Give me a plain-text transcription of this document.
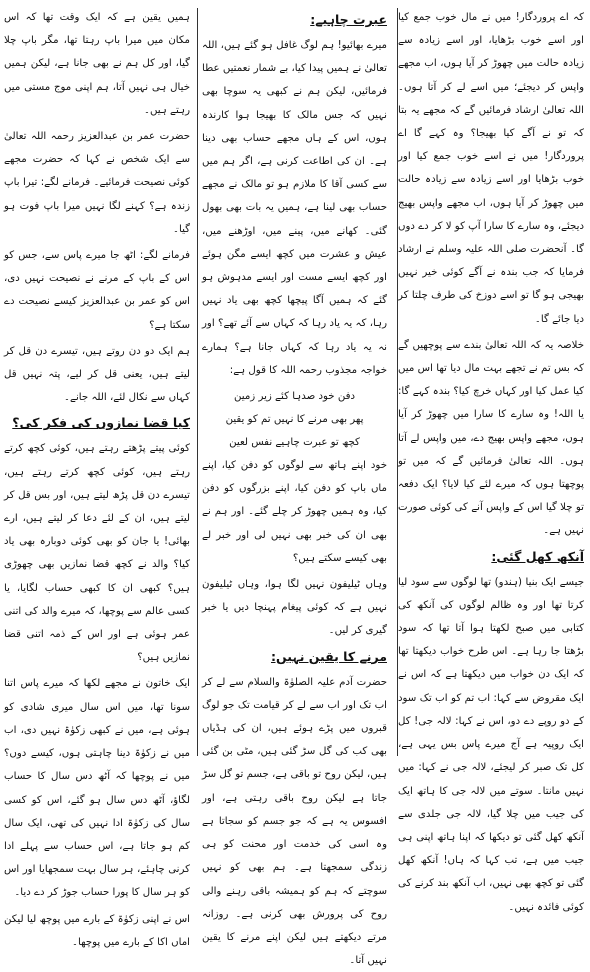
کہ اے پروردگار! میں نے مال خوب جمع کیا اور اسے خوب بڑھایا، اور اسے زیادہ سے زیادہ حالت میں چھوڑ کر آیا ہوں، اب مجھے واپس کر دیجئے؛ میں اسے لے کر آتا ہوں۔ اللہ تعالیٰ ارشاد فرمائیں گے کہ مجھے یہ بتا کہ تو نے آگے کیا بھیجا؟ وہ کہے گا اے پروردگار! میں نے اسے خوب جمع کیا اور خوب بڑھایا اور اسے زیادہ سے زیادہ حالت میں چھوڑ کر آیا ہوں، اب مجھے واپس بھیج دیجئے، وہ سارے کا سارا آپ کو لا کر دے دوں گا۔ آنحضرت صلی اللہ علیہ وسلم نے ارشاد فرمایا کہ جب بندہ نے آگے کوئی خیر نہیں بھیجی ہو گا تو اسے دوزخ کی طرف چلتا کر دیا جائے گا۔

خلاصہ یہ کہ اللہ تعالیٰ بندے سے پوچھیں گے کہ بس تم نے تجھے بہت مال دیا تھا اس میں کیا عمل کیا اور کہاں خرچ کیا؟ بندہ کہے گا: یا اللہ! وہ سارے کا سارا میں چھوڑ کر آیا ہوں، مجھے واپس بھیج دے، میں واپس لے آتا ہوں۔ اللہ تعالیٰ فرمائیں گے کہ میں تو پوچھتا ہوں کہ میرے لئے کیا لایا؟ ایک دفعہ تو چلا گیا اس کے واپس آنے کی کوئی صورت نہیں ہے۔

آنکھ کھل گئی:

جیسے ایک بنیا (ہندو) تھا لوگوں سے سود لیا کرتا تھا اور وہ ظالم لوگوں کی آنکھ کی کتابی میں صبح لکھتا ہوا آتا تھا کہ سود بڑھتا جا رہا ہے۔ اس طرح خواب دیکھتا تھا کہ ایک دن خواب میں دیکھتا ہے کہ اس نے ایک مقروض سے کہا: اب تم کو اب تک سود کے دو روپے دے دو، اس نے کہا: لالہ جی! کل ایک روپیہ ہے آج میرے پاس بس یہی ہے، کل تک صبر کر لیجئے، لالہ جی نے کہا: میں نہیں مانتا۔ سوتے میں لالہ جی کا ہاتھ ایک کی جیب میں چلا گیا، لالہ جی جلدی سے آنکھ کھل گئی تو دیکھا کہ اپنا ہاتھ اپنی ہی جیب میں ہے، تب کہا کہ ہاں! آنکھ کھل گئی تو کچھ بھی نہیں، اب آنکھ بند کرنے کی کوئی فائدہ نہیں۔

عبرت چاہیے:

میرے بھائیو! ہم لوگ غافل ہو گئے ہیں، اللہ تعالیٰ نے ہمیں پیدا کیا، بے شمار نعمتیں عطا فرمائیں، لیکن ہم نے کبھی یہ سوچا بھی نہیں کہ جس مالک کا بھیجا ہوا کارندہ ہوں، اس کے ہاں مجھے حساب بھی دینا ہے۔ ان کی اطاعت کرنی ہے، اگر ہم میں سے کسی آقا کا ملازم ہو تو مالک نے مجھے حساب بھی لینا ہے، ہمیں یہ بات بھی بھول گئی۔ کھانے میں، پینے میں، اوڑھنے میں، عیش و عشرت میں کچھ ایسے مگن ہوئے اور کچھ ایسے مست اور ایسے مدہوش ہو گئے کہ ہمیں آگا پیچھا کچھ بھی یاد نہیں رہا، کہ یہ یاد رہا کہ کہاں سے آئے تھے؟ اور نہ یہ یاد رہا کہ کہاں جانا ہے؟ ہمارے خواجہ مجذوب رحمہ اللہ کا قول ہے:

دفن خود صدہا کئے زیر زمین

پھر بھی مرنے کا نہیں تم کو یقین

کچھ تو عبرت چاہیے نفس لعین

خود اپنے ہاتھ سے لوگوں کو دفن کیا، اپنے ماں باپ کو دفن کیا، اپنے بزرگوں کو دفن کیا، وہ ہمیں چھوڑ کر چلے گئے۔ اور ہم نے بھی ان کی خبر بھی نہیں لی اور خبر لے بھی کیسے سکتے ہیں؟

وہاں ٹیلیفون نہیں لگا ہوا، وہاں ٹیلیفون نہیں ہے کہ کوئی پیغام پہنچا دیں یا خبر گیری کر لیں۔

مرنے کا یقین نہیں:

حضرت آدم علیہ الصلوٰۃ والسلام سے لے کر اب تک اور اب سے لے کر قیامت تک جو لوگ قبروں میں پڑے ہوئے ہیں، ان کی ہڈیاں بھی کب کی گل سڑ گئی ہیں، مٹی بن گئی ہیں، لیکن روح تو باقی ہے، جسم تو گل سڑ جاتا ہے لیکن روح باقی رہتی ہے، اور افسوس یہ ہے کہ جو جسم کو سجاتا ہے وہ اسی کی خدمت اور محنت کو ہی زندگی سمجھتا ہے۔ ہم بھی کو نہیں سوچتے کہ ہم کو ہمیشہ باقی رہنے والی روح کی پرورش بھی کرنی ہے۔ روزانہ مرتے دیکھتے ہیں لیکن اپنے مرنے کا یقین نہیں آتا۔

ہمیں یقین ہے کہ ایک وقت تھا کہ اس مکان میں میرا باپ رہتا تھا، مگر باپ چلا گیا، اور کل ہم نے بھی جانا ہے، لیکن ہمیں خیال ہی نہیں آتا، ہم اپنی موج مستی میں رہتے ہیں۔

حضرت عمر بن عبدالعزیز رحمہ اللہ تعالیٰ سے ایک شخص نے کہا کہ حضرت مجھے کوئی نصیحت فرمائیے۔ فرمانے لگے: تیرا باپ زندہ ہے؟ کہنے لگا نہیں میرا باپ فوت ہو گیا۔

فرمانے لگے: اٹھ جا میرے پاس سے، جس کو اس کے باپ کے مرنے نے نصیحت نہیں دی، اس کو عمر بن عبدالعزیز کیسے نصیحت دے سکتا ہے؟

ہم ایک دو دن روتے ہیں، تیسرے دن قل کر لیتے ہیں، یعنی قل کر لیے، پتہ نہیں قل کہاں سے نکال لئے، اللہ جانے۔

کیا قضا نمازوں کی فکر کی؟

کوئی پیتے پڑھتے رہتے ہیں، کوئی کچھ کرتے رہتے ہیں، کوئی کچھ کرتے رہتے ہیں، تیسرے دن قل پڑھ لیتے ہیں، اور بس قل کر لیتے ہیں، ان کے لئے دعا کر لیتے ہیں، ارے بھائی! یا جان کو بھی کوئی دوبارہ بھی یاد کیا؟ والد نے کچھ قضا نمازیں بھی چھوڑی ہیں؟ کبھی ان کا کبھی حساب لگایا، یا کسی عالم سے پوچھا، کہ میرے والد کی اتنی عمر ہوئی ہے اور اس کے ذمہ اتنی قضا نمازیں ہیں؟

ایک خاتون نے مجھے لکھا کہ میرے پاس اتنا سونا تھا، میں اس سال میری شادی کو ہوئی ہے، میں نے کبھی زکوٰۃ نہیں دی، اب میں نے زکوٰۃ دینا چاہتی ہوں، کیسے دوں؟ میں نے پوچھا کہ آٹھ دس سال کا حساب لگاؤ، آٹھ دس سال ہو گئے، اس کو کسی سال کی زکوٰۃ ادا نہیں کی تھی، ایک سال کم ہو جاتا ہے، اس حساب سے پہلے ادا کرنی چاہئے، ہر سال بہت سمجھایا اور اس کو ہر سال کا پورا حساب جوڑ کر دے دیا۔

اس نے اپنی زکوٰۃ کے بارے میں پوچھ لیا لیکن اماں اکا کے بارے میں پوچھا۔
